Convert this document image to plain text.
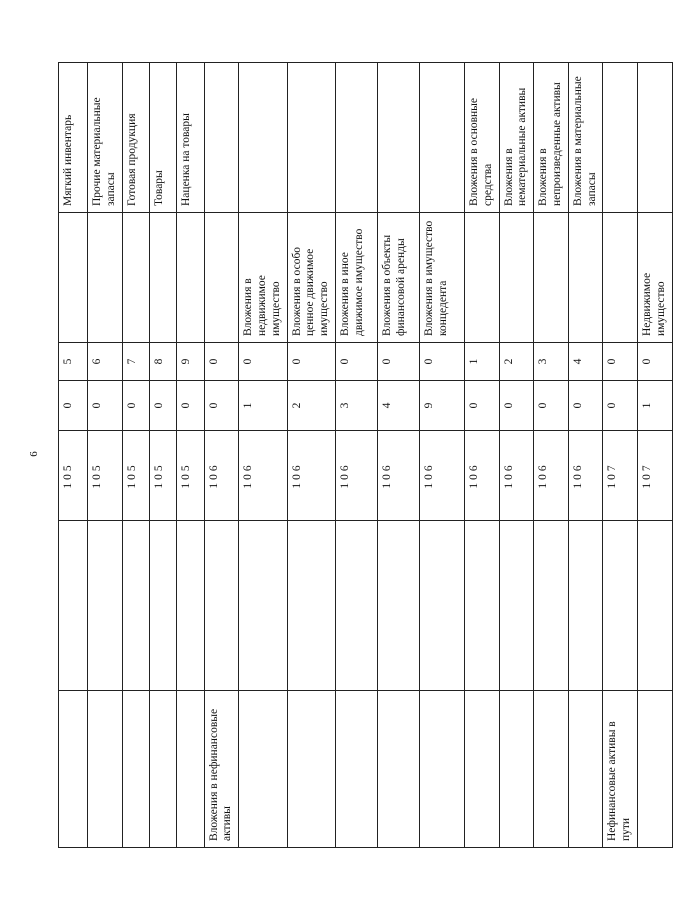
6
		105	0	5		Мягкий инвентарь
		105	0	6		Прочие материальные запасы
		105	0	7		Готовая продукция
		105	0	8		Товары
		105	0	9		Наценка на товары
Вложения в нефинансовые активы		106	0	0		
		106	1	0	Вложения в недвижимое имущество	
		106	2	0	Вложения в особо ценное движимое имущество	
		106	3	0	Вложения в иное движимое имущество	
		106	4	0	Вложения в объекты финансовой аренды	
		106	9	0	Вложения в имущество концедента	
		106	0	1		Вложения в основные средства
		106	0	2		Вложения в нематериальные активы
		106	0	3		Вложения в непроизведенные активы
		106	0	4		Вложения в материальные запасы
Нефинансовые активы в пути		107	0	0		
		107	1	0	Недвижимое имущество	
